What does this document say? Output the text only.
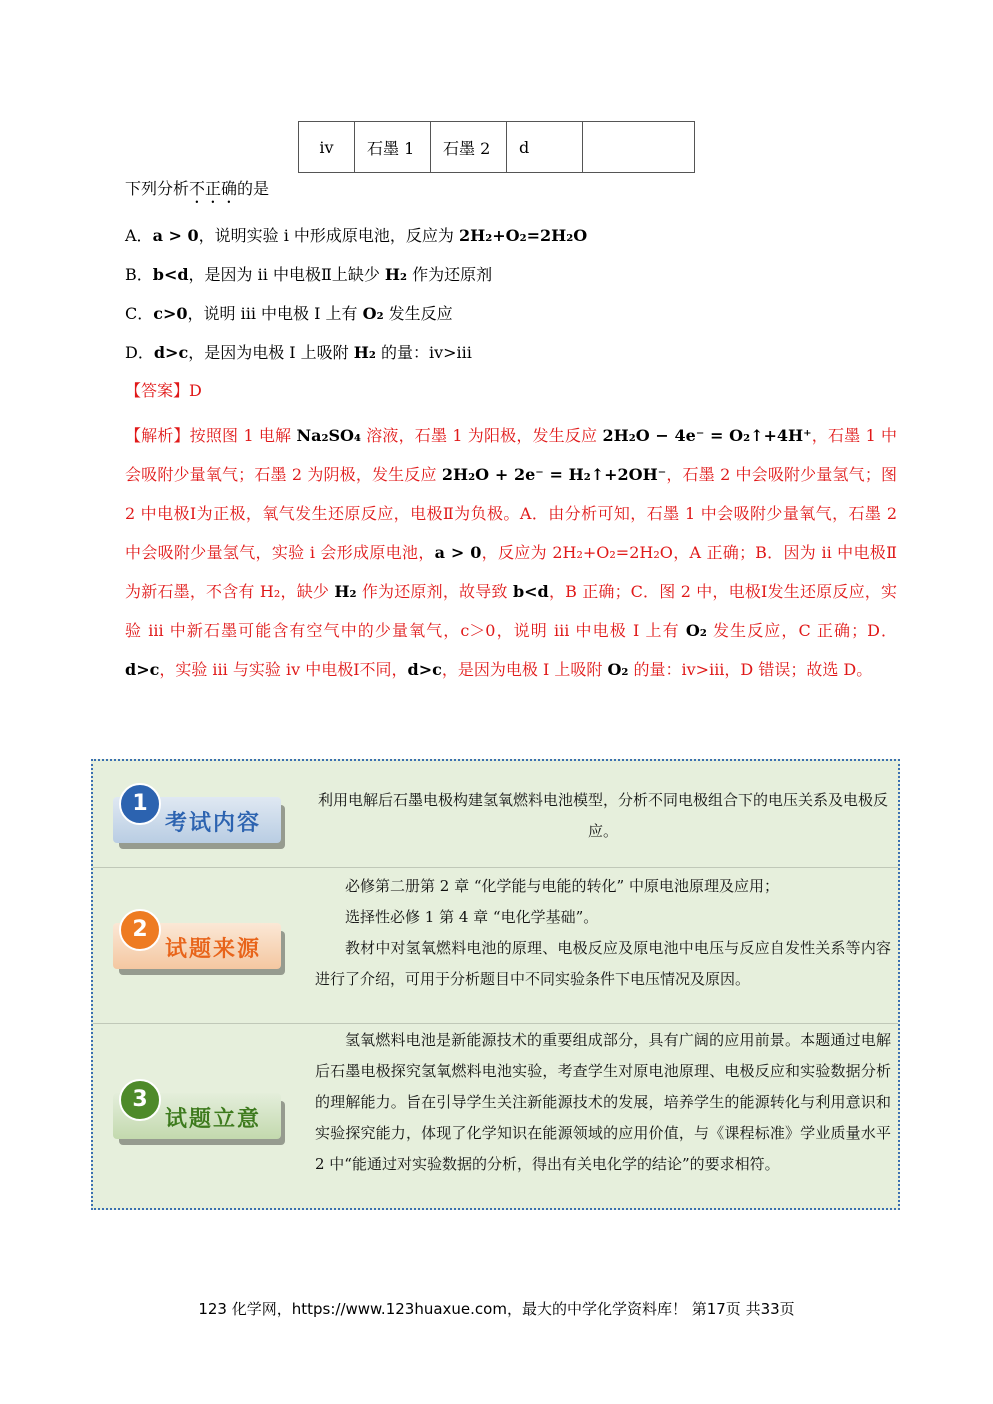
iv	石墨 1	石墨 2	d	
下列分析不正确的是
A．a > 0，说明实验 i 中形成原电池，反应为 2H₂+O₂=2H₂O
B．b<d，是因为 ii 中电极Ⅱ上缺少 H₂ 作为还原剂
C．c>0，说明 iii 中电极 I 上有 O₂ 发生反应
D．d>c，是因为电极 I 上吸附 H₂ 的量：iv>iii
【答案】D
【解析】按照图 1 电解 Na₂SO₄ 溶液，石墨 1 为阳极，发生反应 2H₂O − 4e⁻ = O₂↑+4H⁺，石墨 1 中会吸附少量氧气；石墨 2 为阴极，发生反应 2H₂O + 2e⁻ = H₂↑+2OH⁻，石墨 2 中会吸附少量氢气；图 2 中电极Ⅰ为正极，氧气发生还原反应，电极Ⅱ为负极。A．由分析可知，石墨 1 中会吸附少量氧气，石墨 2 中会吸附少量氢气，实验 i 会形成原电池，a > 0，反应为 2H₂+O₂=2H₂O，A 正确；B．因为 ii 中电极Ⅱ为新石墨，不含有 H₂，缺少 H₂ 作为还原剂，故导致 b<d，B 正确；C．图 2 中，电极Ⅰ发生还原反应，实验 iii 中新石墨可能含有空气中的少量氧气，c＞0，说明 iii 中电极 I 上有 O₂ 发生反应，C 正确；D．d>c，实验 iii 与实验 iv 中电极Ⅰ不同，d>c，是因为电极 I 上吸附 O₂ 的量：iv>iii，D 错误；故选 D。
1
考试内容

利用电解后石墨电极构建氢氧燃料电池模型，分析不同电极组合下的电压关系及电极反应。

2
试题来源

必修第二册第 2 章 “化学能与电能的转化” 中原电池原理及应用；

选择性必修 1 第 4 章 “电化学基础”。

教材中对氢氧燃料电池的原理、电极反应及原电池中电压与反应自发性关系等内容进行了介绍，可用于分析题目中不同实验条件下电压情况及原因。

3
试题立意

氢氧燃料电池是新能源技术的重要组成部分，具有广阔的应用前景。本题通过电解后石墨电极探究氢氧燃料电池实验，考查学生对原电池原理、电极反应和实验数据分析的理解能力。旨在引导学生关注新能源技术的发展，培养学生的能源转化与利用意识和实验探究能力，体现了化学知识在能源领域的应用价值，与《课程标准》学业质量水平 2 中“能通过对实验数据的分析，得出有关电化学的结论”的要求相符。

123 化学网，https://www.123huaxue.com，最大的中学化学资料库！ 第17页 共33页
